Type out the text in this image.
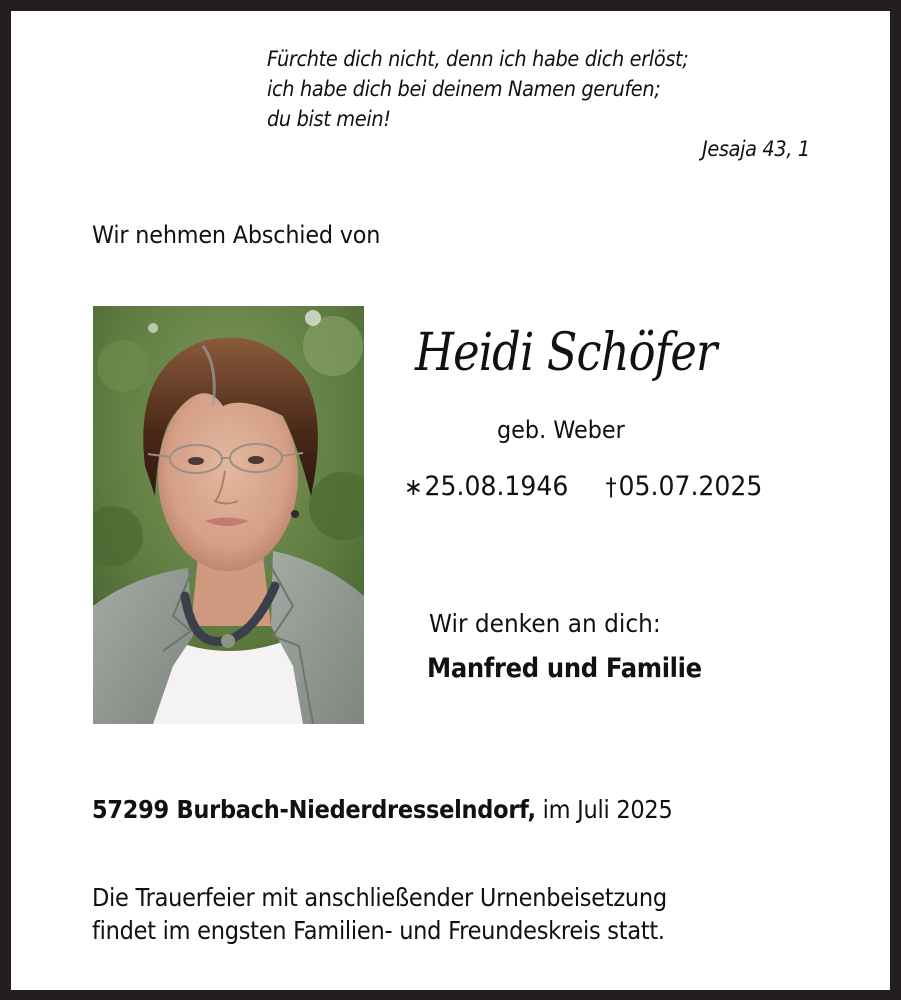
Fürchte dich nicht, denn ich habe dich erlöst;
ich habe dich bei deinem Namen gerufen;
du bist mein!
Jesaja 43, 1
Wir nehmen Abschied von
Heidi Schöfer
geb. Weber
∗25.08.1946 †05.07.2025
Wir denken an dich:
Manfred und Familie
57299 Burbach-Niederdresselndorf, im Juli 2025
Die Trauerfeier mit anschließender Urnenbeisetzung
findet im engsten Familien- und Freundeskreis statt.
